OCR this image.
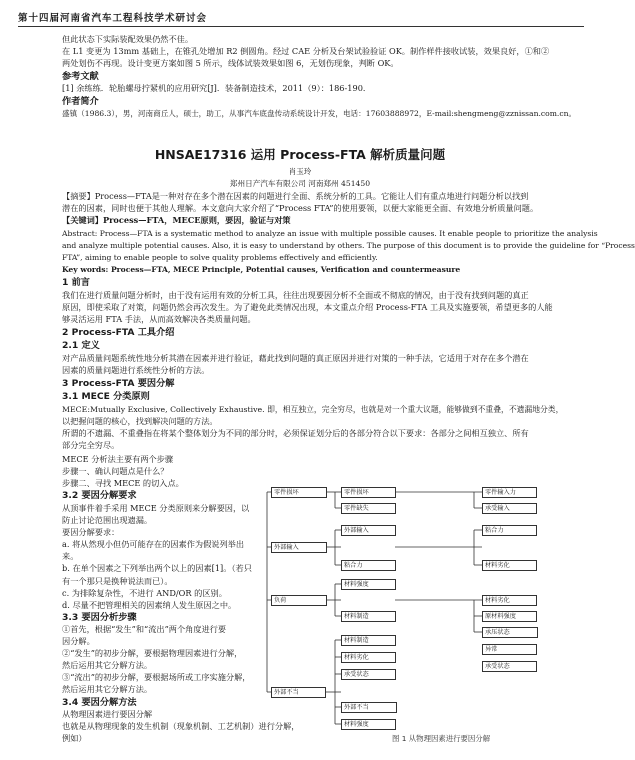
第十四届河南省汽车工程科技学术研讨会
但此状态下实际装配效果仍然不佳。
在 L1 变更为 13mm 基础上，在锥孔处增加 R2 倒圆角。经过 CAE 分析及台架试验验证 OK。制作样件接收试装，效果良好，①和②
两处划伤不再现。设计变更方案如图 5 所示，线体试装效果如图 6，无划伤现象，判断 OK。
参考文献
[1] 余练练．轮胎螺母拧紧机的应用研究[J]．装备制造技术，2011（9）：186-190．
作者简介
盛镇（1986.3），男，河南商丘人，硕士，助工，从事汽车底盘传动系统设计开发，电话：17603888972，E-mail:shengmeng@zznissan.com.cn。
HNSAE17316 运用 Process-FTA 解析质量问题
肖玉玲
郑州日产汽车有限公司 河南郑州 451450
【摘要】Process—FTA是一种对存在多个潜在因素的问题进行全面、系统分析的工具。它能让人们有重点地进行问题分析以找到
潜在的因素，同时也便于其他人理解。本文意向大家介绍了“Process FTA”的使用要领，以便大家能更全面、有效地分析质量问题。
【关键词】Process—FTA，MECE原则，要因，验证与对策
Abstract: Process—FTA is a systematic method to analyze an issue with multiple possible causes. It enable people to prioritize the analysis
and analyze multiple potential causes. Also, it is easy to understand by others. The purpose of this document is to provide the guideline for “Process
FTA”, aiming to enable people to solve quality problems effectively and efficiently.
Key words: Process—FTA, MECE Principle, Potential causes, Verification and countermeasure
1 前言
我们在进行质量问题分析时，由于没有运用有效的分析工具，往往出现要因分析不全面或不彻底的情况，由于没有找到问题的真正
原因，即使采取了对策，问题仍然会再次发生。为了避免此类情况出现，本文重点介绍 Process-FTA 工具及实施要领，希望更多的人能
够灵活运用 FTA 手法，从而高效解决各类质量问题。
2 Process-FTA 工具介绍
2.1 定义
对产品质量问题系统性地分析其潜在因素并进行验证，藉此找到问题的真正原因并进行对策的一种手法，它适用于对存在多个潜在
因素的质量问题进行系统性分析的方法。
3 Process-FTA 要因分解
3.1 MECE 分类原则
MECE:Mutually Exclusive, Collectively Exhaustive. 即，相互独立，完全穷尽，也就是对一个重大议题，能够做到不重叠，不遗漏地分类，
以把握问题的核心，找到解决问题的方法。
所谓的不遗漏、不重叠指在将某个整体划分为不同的部分时，必须保证划分后的各部分符合以下要求：各部分之间相互独立、所有
部分完全穷尽。
MECE 分析法主要有两个步骤
步骤一、确认问题点是什么？
步骤二、寻找 MECE 的切入点。
3.2 要因分解要求
从顶事件着手采用 MECE 分类原则来分解要因，以
防止讨论范围出现遗漏。
要因分解要求：
a. 将从然现小但仍可能存在的因素作为假说列举出
来。
b. 在单个因素之下列举出两个以上的因素[1]。（若只
有一个那只是换种说法而已）。
c. 为排除复杂性，不进行 AND/OR 的区别。
d. 尽量不把管理相关的因素纳人发生原因之中。
3.3 要因分析步骤
①首先，根据“发生”和“流出”两个角度进行要
因分解。
②“发生”的初步分解，要根据物理因素进行分解，
然后运用其它分解方法。
③“流出”的初步分解，要根据场所或工序实施分解，
然后运用其它分解方法。
3.4 要因分解方法
从物理因素进行要因分解
也就是从物理现象的发生机制（现象机制、工艺机制）进行分解，
例如）
零件损坏	零件损坏
零件缺失
零件输入力
承受输入
外部输入
外部输入
粘合力
粘合力
材料劣化
负荷
材料强度
材料制造
材料劣化
原材料强度
承压状态
材料制造
材料劣化
外部不当
承受状态
外部不当
材料强度
异常
承受状态
图 1 从物理因素进行要因分解
